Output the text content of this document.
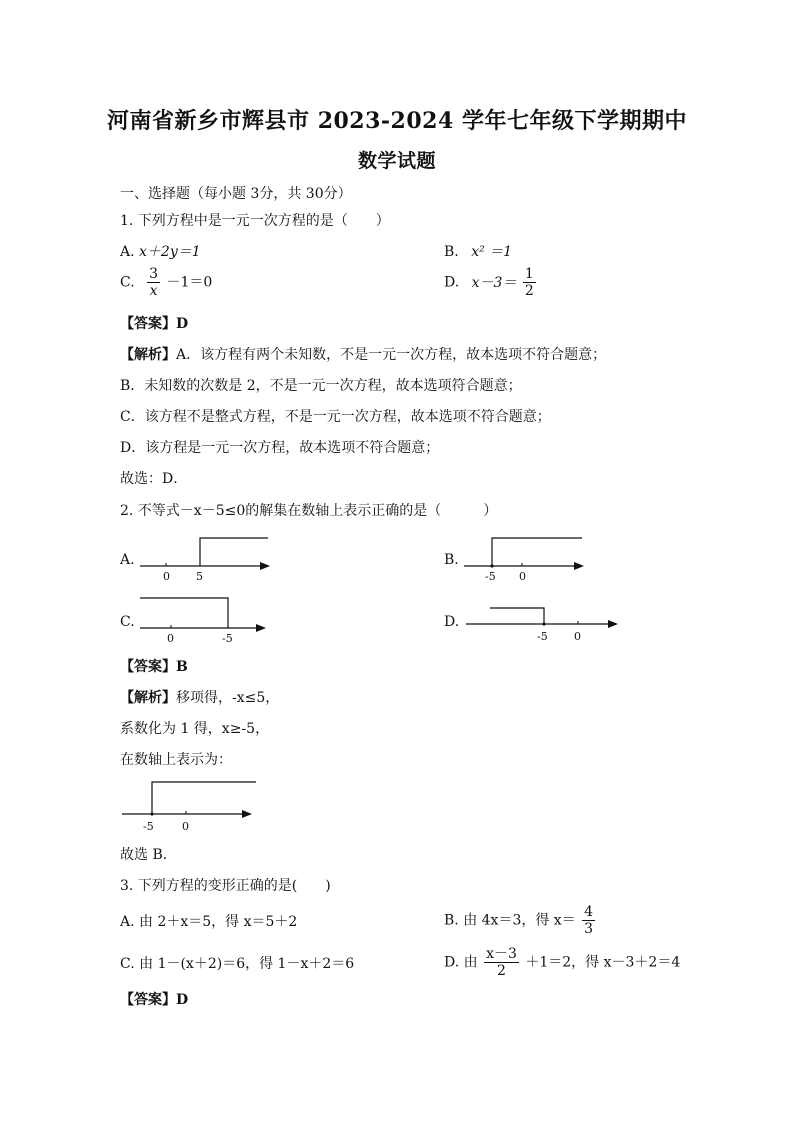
河南省新乡市辉县市 2023-2024 学年七年级下学期期中
数学试题
一、选择题（每小题 3分，共 30分）
1. 下列方程中是一元一次方程的是（　　）
A. x＋2y＝1	B. x² ＝1
C. $\frac{3}{x} -1=0$	D. $x-3= \frac{1}{2}$
【答案】D
【解析】A．该方程有两个未知数，不是一元一次方程，故本选项不符合题意；
B．未知数的次数是 2，不是一元一次方程，故本选项符合题意；
C．该方程不是整式方程，不是一元一次方程，故本选项不符合题意；
D．该方程是一元一次方程，故本选项不符合题意；
故选：D．
2. 不等式－x－5≤0的解集在数轴上表示正确的是（　　　）
A.
0 5
B.
-5 0
C.
0	-5
D.
-5 0
【答案】B
【解析】移项得，-x≤5，
系数化为 1 得，x≥-5，
在数轴上表示为：
-5	0
故选 B．
3. 下列方程的变形正确的是(　　)
A. 由 2＋x＝5，得 x＝5＋2	B. 由 4x＝3，得 $x= \frac{4}{3}$
C. 由 1－(x＋2)＝6，得 1－x＋2＝6	D. 由 $\frac{x-3}{2} +1=2$，得 x－3＋2＝4
【答案】D
